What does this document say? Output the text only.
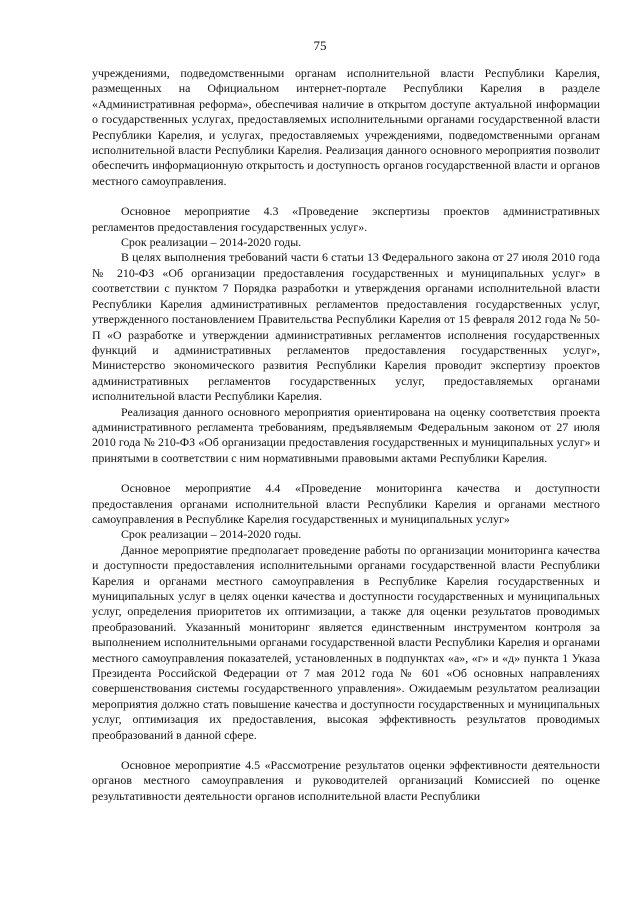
75

учреждениями, подведомственными органам исполнительной власти Республики Карелия, размещенных на Официальном интернет-портале Республики Карелия в разделе «Административная реформа», обеспечивая наличие в открытом доступе актуальной информации о государственных услугах, предоставляемых исполнительными органами государственной власти Республики Карелия, и услугах, предоставляемых учреждениями, подведомственными органам исполнительной власти Республики Карелия. Реализация данного основного мероприятия позволит обеспечить информационную открытость и доступность органов государственной власти и органов местного самоуправления.

Основное мероприятие 4.3 «Проведение экспертизы проектов административных регламентов предоставления государственных услуг».

Срок реализации – 2014-2020 годы.

В целях выполнения требований части 6 статьи 13 Федерального закона от 27 июля 2010 года № 210-ФЗ «Об организации предоставления государственных и муниципальных услуг» в соответствии с пунктом 7 Порядка разработки и утверждения органами исполнительной власти Республики Карелия административных регламентов предоставления государственных услуг, утвержденного постановлением Правительства Республики Карелия от 15 февраля 2012 года № 50-П «О разработке и утверждении административных регламентов исполнения государственных функций и административных регламентов предоставления государственных услуг», Министерство экономического развития Республики Карелия проводит экспертизу проектов административных регламентов государственных услуг, предоставляемых органами исполнительной власти Республики Карелия.

Реализация данного основного мероприятия ориентирована на оценку соответствия проекта административного регламента требованиям, предъявляемым Федеральным законом от 27 июля 2010 года № 210-ФЗ «Об организации предоставления государственных и муниципальных услуг» и принятыми в соответствии с ним нормативными правовыми актами Республики Карелия.

Основное мероприятие 4.4 «Проведение мониторинга качества и доступности предоставления органами исполнительной власти Республики Карелия и органами местного самоуправления в Республике Карелия государственных и муниципальных услуг»

Срок реализации – 2014-2020 годы.

Данное мероприятие предполагает проведение работы по организации мониторинга качества и доступности предоставления исполнительными органами государственной власти Республики Карелия и органами местного самоуправления в Республике Карелия государственных и муниципальных услуг в целях оценки качества и доступности государственных и муниципальных услуг, определения приоритетов их оптимизации, а также для оценки результатов проводимых преобразований. Указанный мониторинг является единственным инструментом контроля за выполнением исполнительными органами государственной власти Республики Карелия и органами местного самоуправления показателей, установленных в подпунктах «а», «г» и «д» пункта 1 Указа Президента Российской Федерации от 7 мая 2012 года № 601 «Об основных направлениях совершенствования системы государственного управления». Ожидаемым результатом реализации мероприятия должно стать повышение качества и доступности государственных и муниципальных услуг, оптимизация их предоставления, высокая эффективность результатов проводимых преобразований в данной сфере.

Основное мероприятие 4.5 «Рассмотрение результатов оценки эффективности деятельности органов местного самоуправления и руководителей организаций Комиссией по оценке результативности деятельности органов исполнительной власти Республики
